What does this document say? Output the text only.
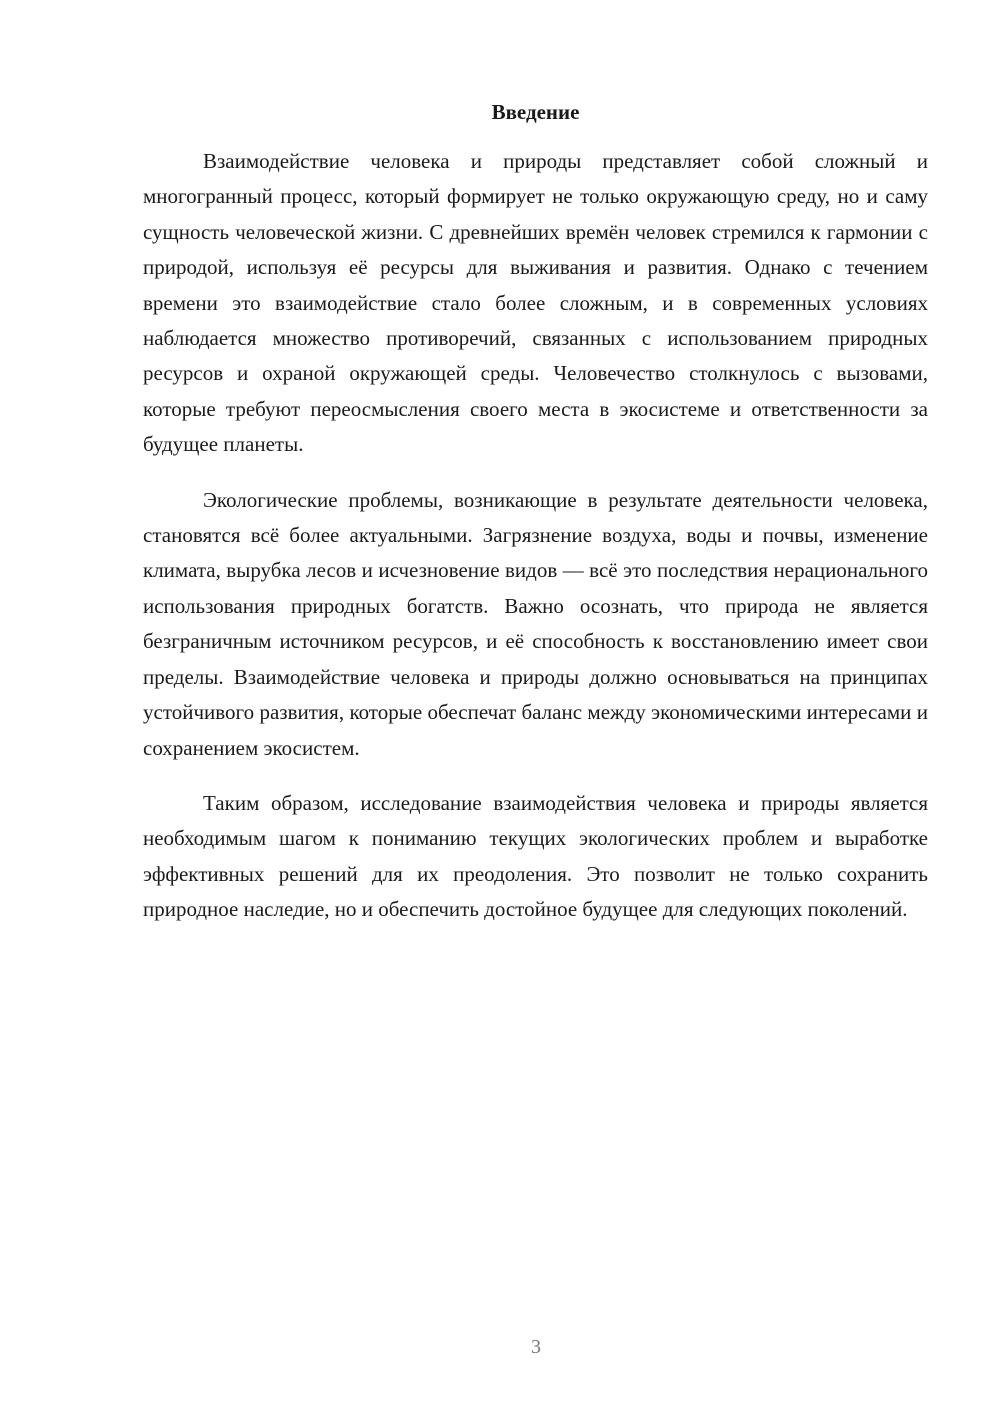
Введение

Взаимодействие человека и природы представляет собой сложный и многогранный процесс, который формирует не только окружающую среду, но и саму сущность человеческой жизни. С древнейших времён человек стремился к гармонии с природой, используя её ресурсы для выживания и развития. Однако с течением времени это взаимодействие стало более сложным, и в современных условиях наблюдается множество противоречий, связанных с использованием природных ресурсов и охраной окружающей среды. Человечество столкнулось с вызовами, которые требуют переосмысления своего места в экосистеме и ответственности за будущее планеты.

Экологические проблемы, возникающие в результате деятельности человека, становятся всё более актуальными. Загрязнение воздуха, воды и почвы, изменение климата, вырубка лесов и исчезновение видов — всё это последствия нерационального использования природных богатств. Важно осознать, что природа не является безграничным источником ресурсов, и её способность к восстановлению имеет свои пределы. Взаимодействие человека и природы должно основываться на принципах устойчивого развития, которые обеспечат баланс между экономическими интересами и сохранением экосистем.

Таким образом, исследование взаимодействия человека и природы является необходимым шагом к пониманию текущих экологических проблем и выработке эффективных решений для их преодоления. Это позволит не только сохранить природное наследие, но и обеспечить достойное будущее для следующих поколений.

3
